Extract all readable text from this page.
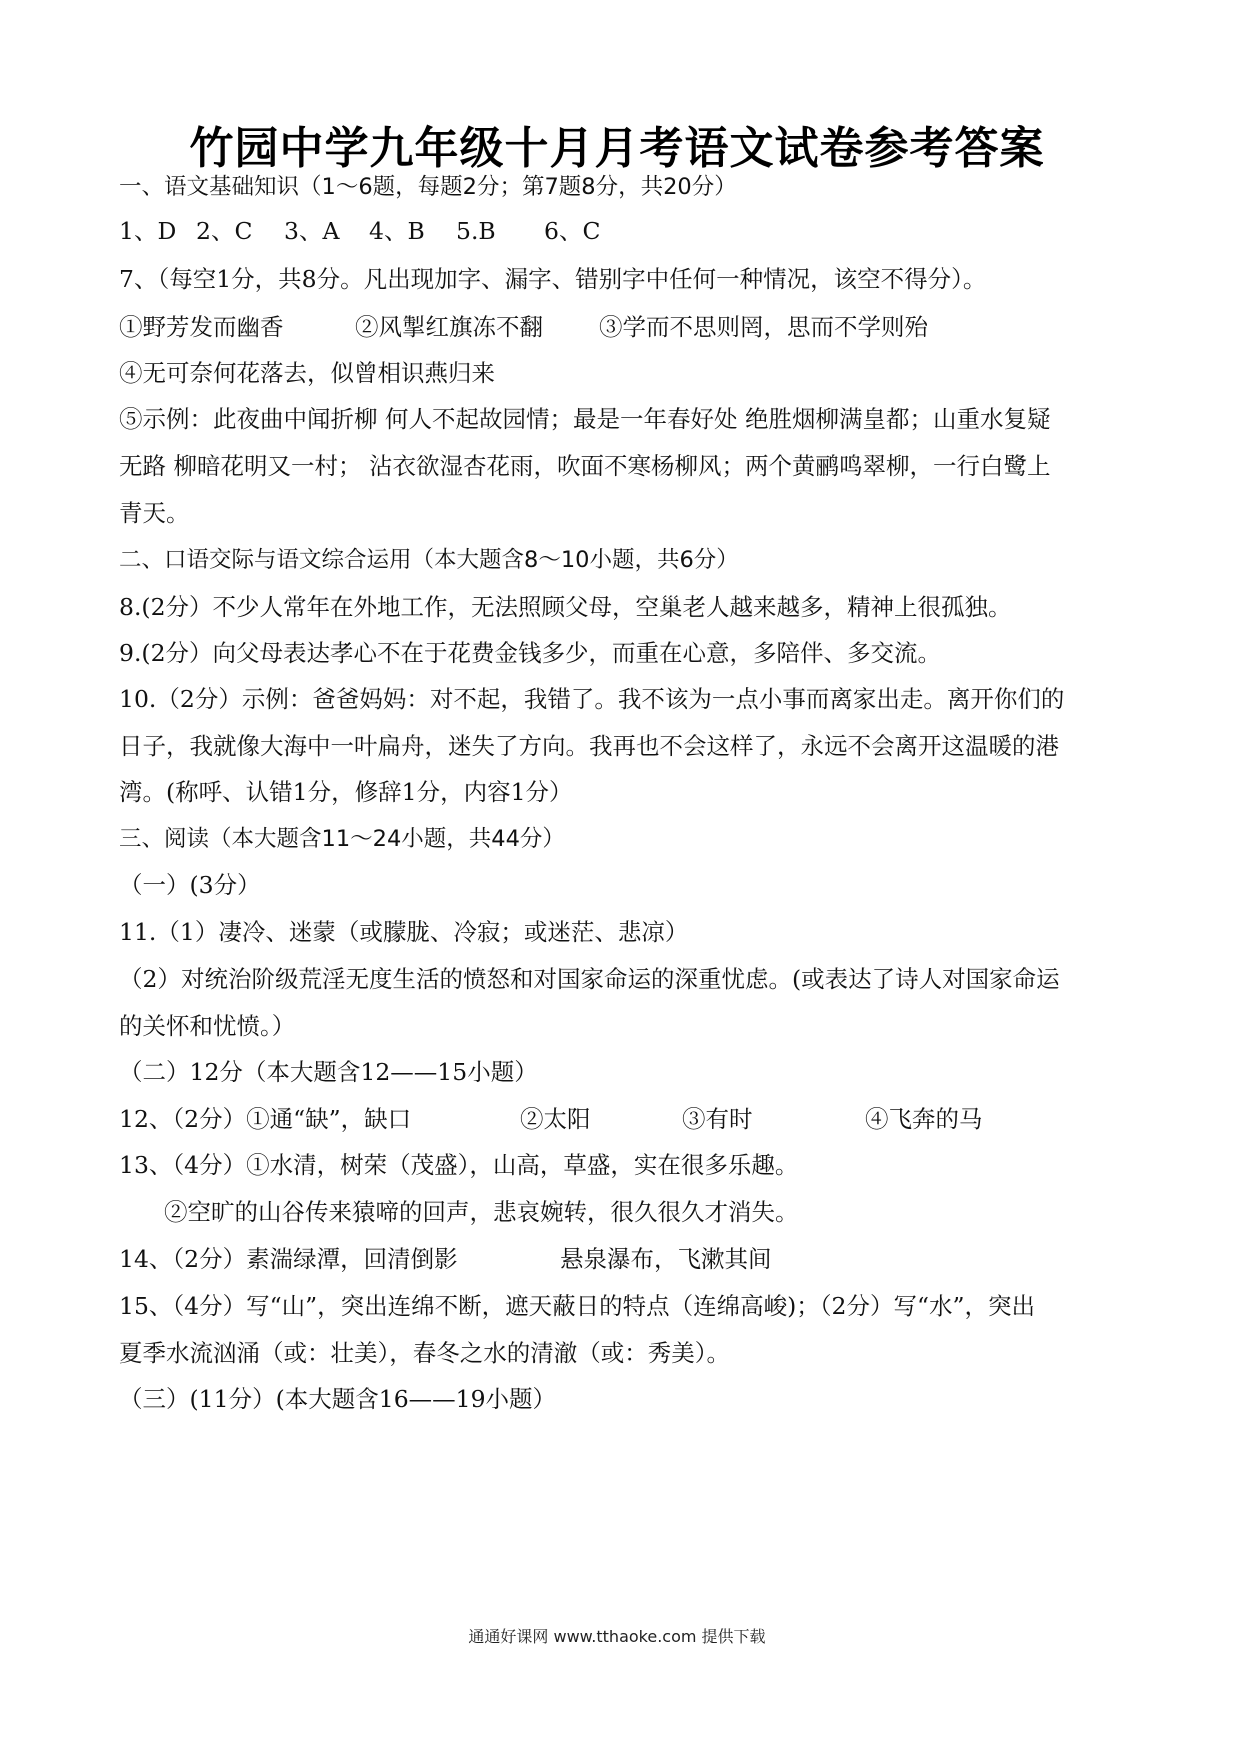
竹园中学九年级十月月考语文试卷参考答案
一、语文基础知识（1～6题，每题2分；第7题8分，共20分）
1、D 2、C 3、A 4、B 5.B 6、C
7、（每空1分，共8分。凡出现加字、漏字、错别字中任何一种情况，该空不得分）。
①野芳发而幽香	②风掣红旗冻不翻 ③学而不思则罔，思而不学则殆
④无可奈何花落去，似曾相识燕归来
⑤示例：此夜曲中闻折柳 何人不起故园情；最是一年春好处 绝胜烟柳满皇都；山重水复疑
无路 柳暗花明又一村； 沾衣欲湿杏花雨，吹面不寒杨柳风；两个黄鹂鸣翠柳，一行白鹭上
青天。
二、口语交际与语文综合运用（本大题含8～10小题，共6分）
8.(2分）不少人常年在外地工作，无法照顾父母，空巢老人越来越多，精神上很孤独。
9.(2分）向父母表达孝心不在于花费金钱多少，而重在心意，多陪伴、多交流。
10.（2分）示例：爸爸妈妈：对不起，我错了。我不该为一点小事而离家出走。离开你们的
日子，我就像大海中一叶扁舟，迷失了方向。我再也不会这样了，永远不会离开这温暖的港
湾。(称呼、认错1分，修辞1分，内容1分）
三、阅读（本大题含11～24小题，共44分）
（一）(3分）
11.（1）凄冷、迷蒙（或朦胧、冷寂；或迷茫、悲凉）
（2）对统治阶级荒淫无度生活的愤怒和对国家命运的深重忧虑。(或表达了诗人对国家命运
的关怀和忧愤。）
（二）12分（本大题含12——15小题）
12、（2分）①通“缺”，缺口	②太阳	③有时	④飞奔的马
13、（4分）①水清，树荣（茂盛），山高，草盛，实在很多乐趣。
②空旷的山谷传来猿啼的回声，悲哀婉转，很久很久才消失。
14、（2分）素湍绿潭，回清倒影	悬泉瀑布，飞漱其间
15、（4分）写“山”，突出连绵不断，遮天蔽日的特点（连绵高峻)；（2分）写“水”，突出
夏季水流汹涌（或：壮美），春冬之水的清澈（或：秀美）。
（三）(11分）(本大题含16——19小题）
通通好课网 www.tthaoke.com 提供下载
